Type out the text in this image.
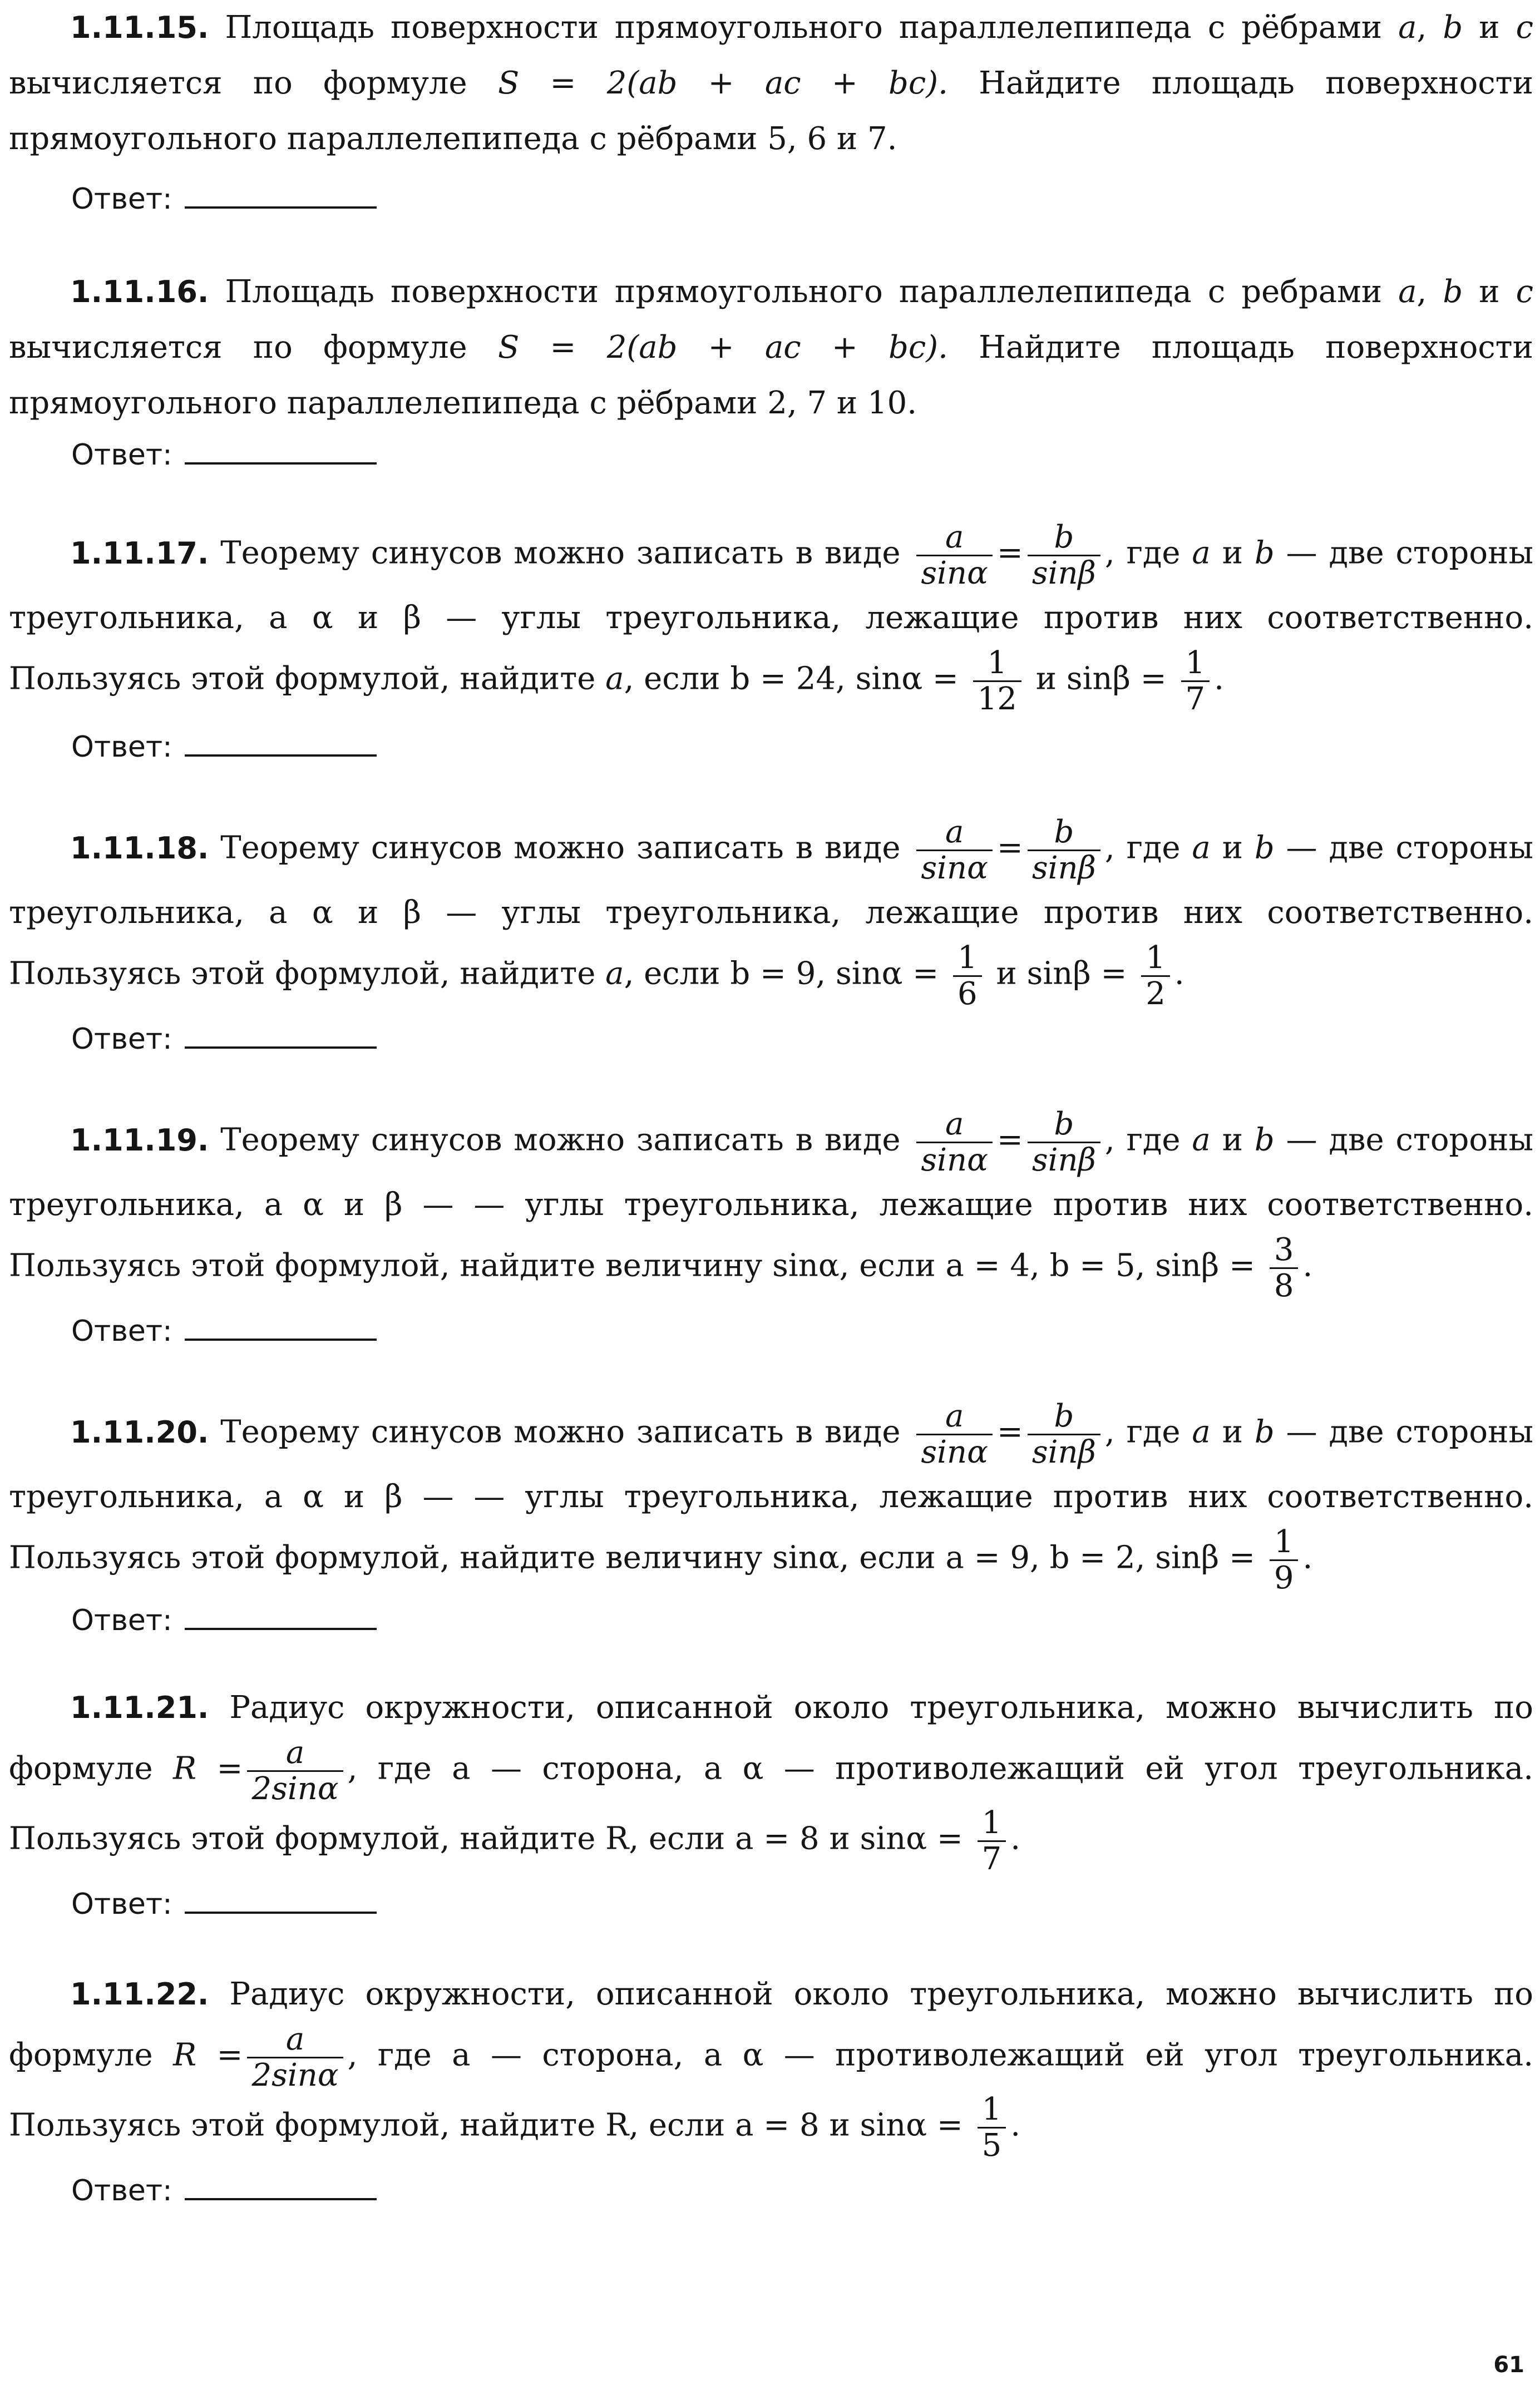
1.11.15. Площадь поверхности прямоугольного параллелепипеда с рёбрами a, b и c вычисляется по формуле S = 2(ab + ac + bc). Найдите площадь поверхности прямоугольного параллелепипеда с рёбрами 5, 6 и 7.
Ответ:
1.11.16. Площадь поверхности прямоугольного параллелепипеда с ребрами a, b и c вычисляется по формуле S = 2(ab + ac + bc). Найдите площадь поверхности прямоугольного параллелепипеда с рёбрами 2, 7 и 10.
Ответ:
1.11.17. Теорему синусов можно записать в виде $\frac{a}{\sin\alpha} = \frac{b}{\sin\beta}$ , где a и b — две стороны треугольника, а α и β — углы треугольника, лежащие против них соответственно. Пользуясь этой формулой, найдите a, если b = 24, $\sin\alpha = \frac{1}{12}$ и $\sin\beta = \frac{1}{7}$ .
Ответ:
1.11.18. Теорему синусов можно записать в виде $\frac{a}{\sin\alpha} = \frac{b}{\sin\beta}$ , где a и b — две стороны треугольника, а α и β — углы треугольника, лежащие против них соответственно. Пользуясь этой формулой, найдите a, если b = 9, $\sin\alpha = \frac{1}{6}$ и $\sin\beta = \frac{1}{2}$ .
Ответ:
1.11.19. Теорему синусов можно записать в виде $\frac{a}{\sin\alpha} = \frac{b}{\sin\beta}$ , где a и b — две стороны треугольника, а α и β — — углы треугольника, лежащие против них соответственно. Пользуясь этой формулой, найдите величину sinα, если a = 4, b = 5, $\sin\beta = \frac{3}{8}$ .
Ответ:
1.11.20. Теорему синусов можно записать в виде $\frac{a}{\sin\alpha} = \frac{b}{\sin\beta}$ , где a и b — две стороны треугольника, а α и β — — углы треугольника, лежащие против них соответственно. Пользуясь этой формулой, найдите величину sinα, если a = 9, b = 2, $\sin\beta = \frac{1}{9}$ .
Ответ:
1.11.21. Радиус окружности, описанной около треугольника, можно вычислить по формуле $R = \frac{a}{2\sin\alpha}$ , где a — сторона, а α — противолежащий ей угол треугольника. Пользуясь этой формулой, найдите R, если a = 8 и $\sin\alpha = \frac{1}{7}$ .
Ответ:
1.11.22. Радиус окружности, описанной около треугольника, можно вычислить по формуле $R = \frac{a}{2\sin\alpha}$ , где a — сторона, а α — противолежащий ей угол треугольника. Пользуясь этой формулой, найдите R, если a = 8 и $\sin\alpha = \frac{1}{5}$ .
Ответ:
61
